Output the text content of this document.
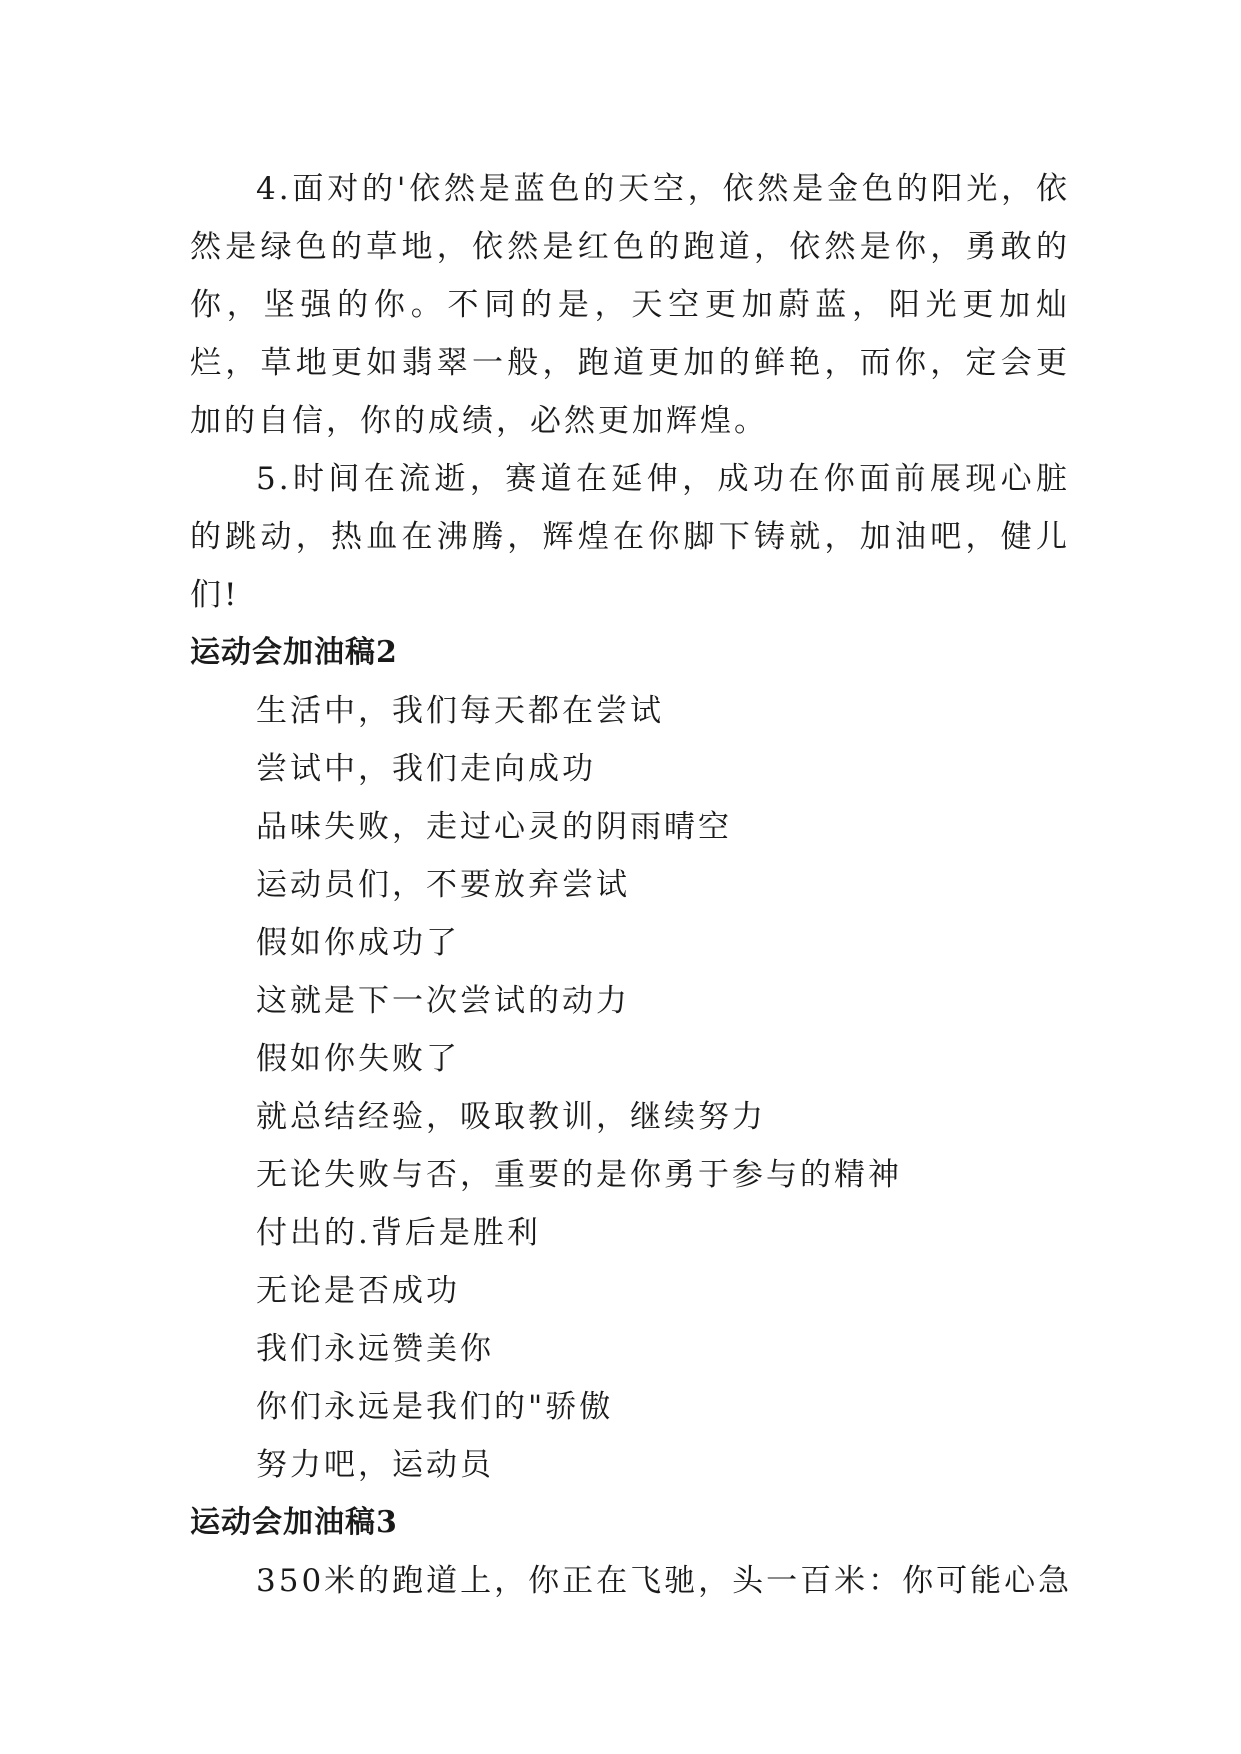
4.面对的'依然是蓝色的天空，依然是金色的阳光，依然是绿色的草地，依然是红色的跑道，依然是你，勇敢的你，坚强的你。不同的是，天空更加蔚蓝，阳光更加灿烂，草地更如翡翠一般，跑道更加的鲜艳，而你，定会更加的自信，你的成绩，必然更加辉煌。

5.时间在流逝，赛道在延伸，成功在你面前展现心脏的跳动，热血在沸腾，辉煌在你脚下铸就，加油吧，健儿们!

运动会加油稿2

生活中，我们每天都在尝试

尝试中，我们走向成功

品味失败，走过心灵的阴雨晴空

运动员们，不要放弃尝试

假如你成功了

这就是下一次尝试的动力

假如你失败了

就总结经验，吸取教训，继续努力

无论失败与否，重要的是你勇于参与的精神

付出的.背后是胜利

无论是否成功

我们永远赞美你

你们永远是我们的"骄傲

努力吧，运动员

运动会加油稿3

350米的跑道上，你正在飞驰，头一百米：你可能心急
